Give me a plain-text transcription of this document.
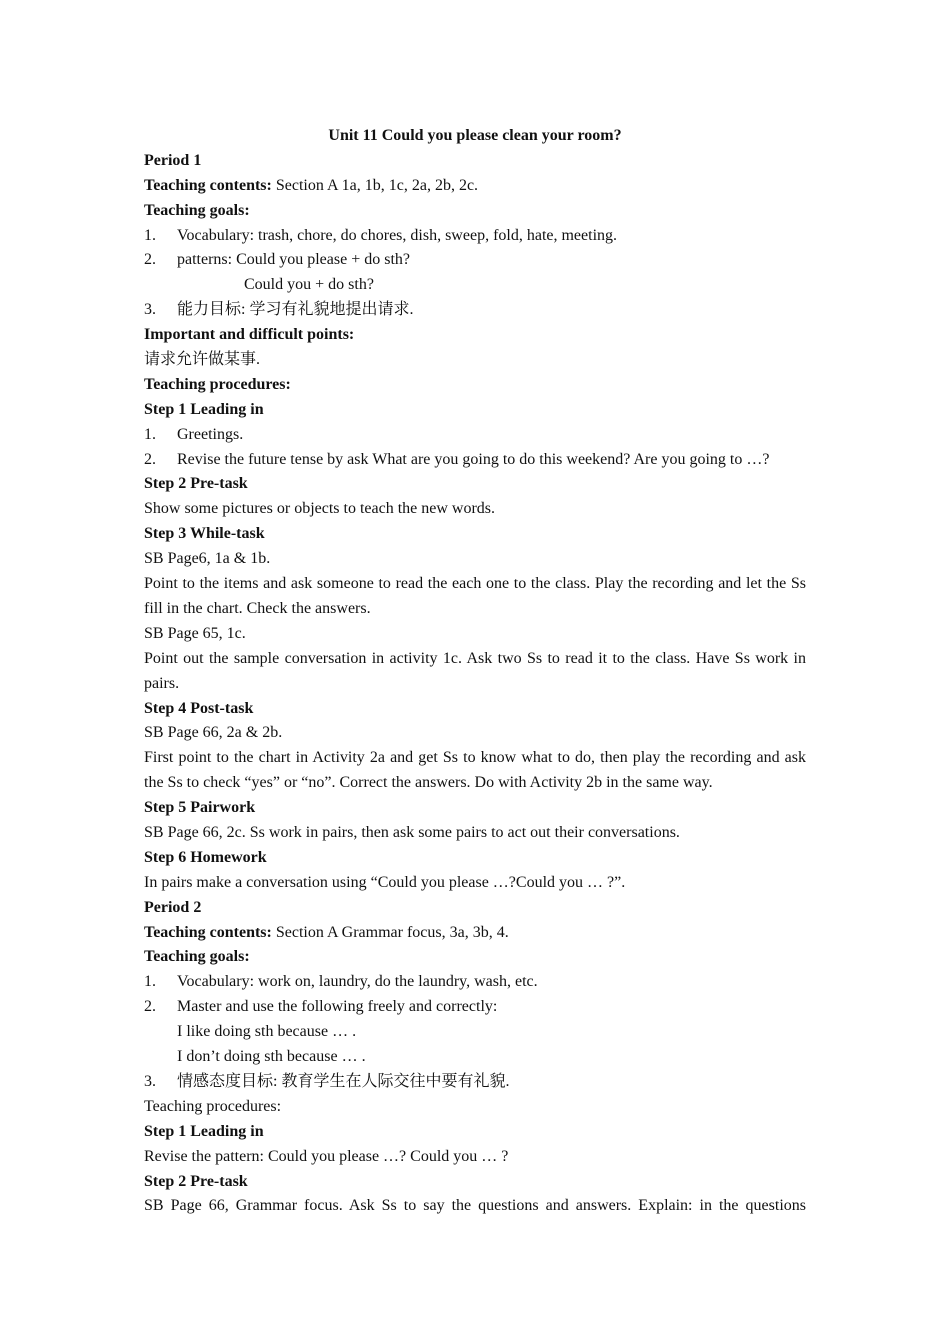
Unit 11 Could you please clean your room?
Period 1
Teaching contents: Section A 1a, 1b, 1c, 2a, 2b, 2c.
Teaching goals:
1. Vocabulary: trash, chore, do chores, dish, sweep, fold, hate, meeting.
2. patterns: Could you please + do sth?
Could you + do sth?
3. 能力目标: 学习有礼貌地提出请求.
Important and difficult points:
请求允许做某事.
Teaching procedures:
Step 1 Leading in
1. Greetings.
2. Revise the future tense by ask What are you going to do this weekend? Are you going to …?
Step 2 Pre-task
Show some pictures or objects to teach the new words.
Step 3 While-task
SB Page6, 1a & 1b.
Point to the items and ask someone to read the each one to the class. Play the recording and let the Ss fill in the chart. Check the answers.
SB Page 65, 1c.
Point out the sample conversation in activity 1c. Ask two Ss to read it to the class. Have Ss work in pairs.
Step 4 Post-task
SB Page 66, 2a & 2b.
First point to the chart in Activity 2a and get Ss to know what to do, then play the recording and ask the Ss to check “yes” or “no”. Correct the answers. Do with Activity 2b in the same way.
Step 5 Pairwork
SB Page 66, 2c. Ss work in pairs, then ask some pairs to act out their conversations.
Step 6 Homework
In pairs make a conversation using “Could you please …?Could you … ?”.
Period 2
Teaching contents: Section A Grammar focus, 3a, 3b, 4.
Teaching goals:
1. Vocabulary: work on, laundry, do the laundry, wash, etc.
2. Master and use the following freely and correctly:
I like doing sth because … .
I don’t doing sth because … .
3. 情感态度目标: 教育学生在人际交往中要有礼貌.
Teaching procedures:
Step 1 Leading in
Revise the pattern: Could you please …? Could you … ?
Step 2 Pre-task
SB Page 66, Grammar focus. Ask Ss to say the questions and answers. Explain: in the questions
